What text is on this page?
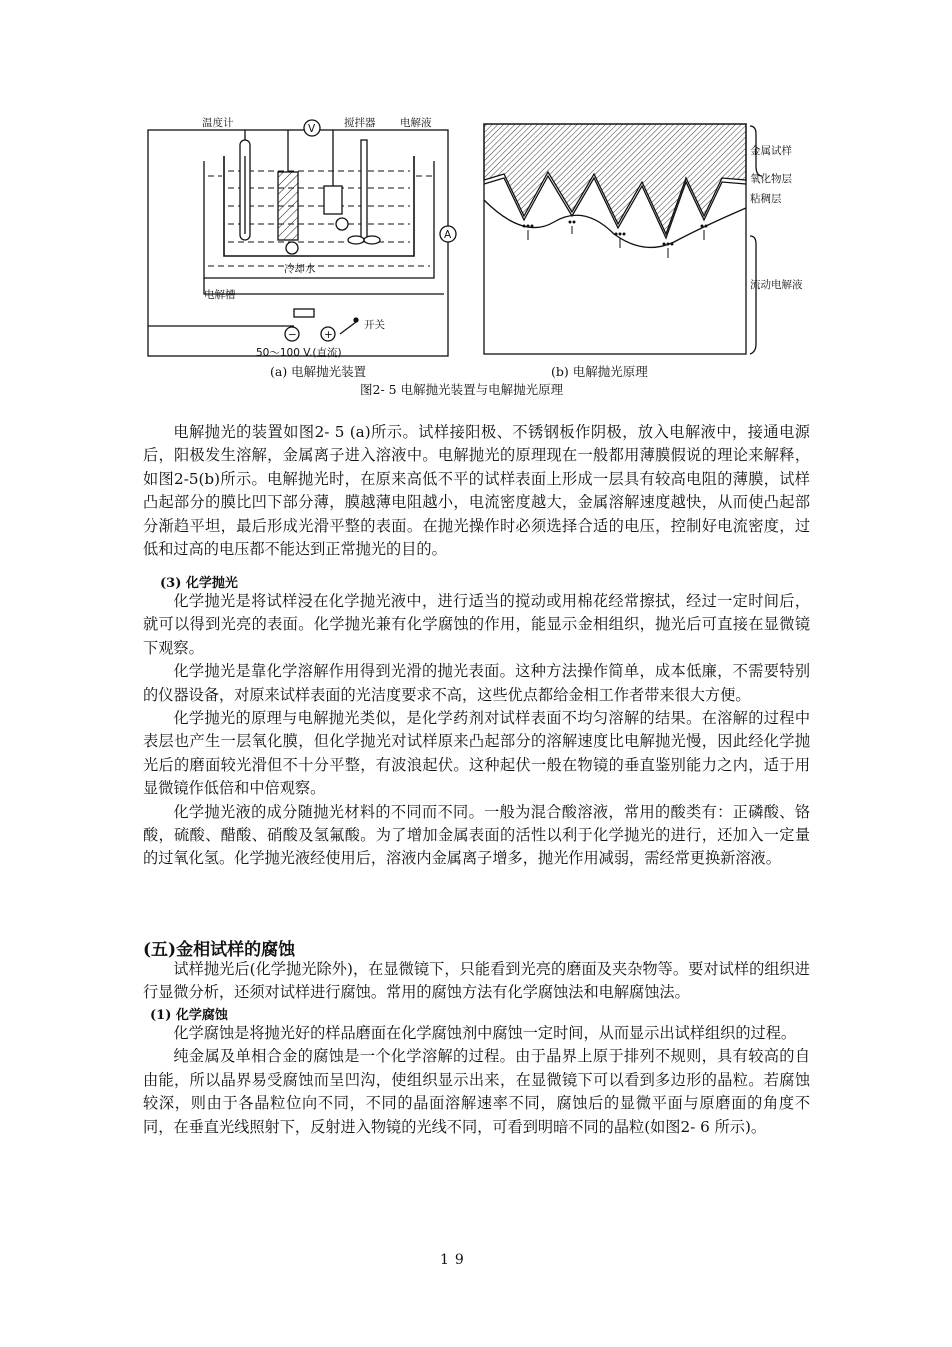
温度计	V	搅拌器 电解液
A
冷却水
电解槽
开关
50～100 V.(直流)
−	+
金属试样
氧化物层
粘稠层
流动电解液
(a) 电解抛光装置	(b) 电解抛光原理
图2- 5 电解抛光装置与电解抛光原理

电解抛光的装置如图2- 5 (a)所示。试样接阳极、不锈钢板作阴极，放入电解液中，接通电源后，阳极发生溶解，金属离子进入溶液中。电解抛光的原理现在一般都用薄膜假说的理论来解释，如图2-5(b)所示。电解抛光时，在原来高低不平的试样表面上形成一层具有较高电阻的薄膜，试样凸起部分的膜比凹下部分薄，膜越薄电阻越小，电流密度越大，金属溶解速度越快，从而使凸起部分渐趋平坦，最后形成光滑平整的表面。在抛光操作时必须选择合适的电压，控制好电流密度，过低和过高的电压都不能达到正常抛光的目的。

(3) 化学抛光

化学抛光是将试样浸在化学抛光液中，进行适当的搅动或用棉花经常擦拭，经过一定时间后，就可以得到光亮的表面。化学抛光兼有化学腐蚀的作用，能显示金相组织，抛光后可直接在显微镜下观察。

化学抛光是靠化学溶解作用得到光滑的抛光表面。这种方法操作简单，成本低廉，不需要特别的仪器设备，对原来试样表面的光洁度要求不高，这些优点都给金相工作者带来很大方便。

化学抛光的原理与电解抛光类似，是化学药剂对试样表面不均匀溶解的结果。在溶解的过程中表层也产生一层氧化膜，但化学抛光对试样原来凸起部分的溶解速度比电解抛光慢，因此经化学抛光后的磨面较光滑但不十分平整，有波浪起伏。这种起伏一般在物镜的垂直鉴别能力之内，适于用显微镜作低倍和中倍观察。

化学抛光液的成分随抛光材料的不同而不同。一般为混合酸溶液，常用的酸类有：正磷酸、铬酸，硫酸、醋酸、硝酸及氢氟酸。为了增加金属表面的活性以利于化学抛光的进行，还加入一定量的过氧化氢。化学抛光液经使用后，溶液内金属离子增多，抛光作用减弱，需经常更换新溶液。

(五)金相试样的腐蚀

试样抛光后(化学抛光除外)，在显微镜下，只能看到光亮的磨面及夹杂物等。要对试样的组织进行显微分析，还须对试样进行腐蚀。常用的腐蚀方法有化学腐蚀法和电解腐蚀法。

(1) 化学腐蚀

化学腐蚀是将抛光好的样品磨面在化学腐蚀剂中腐蚀一定时间，从而显示出试样组织的过程。

纯金属及单相合金的腐蚀是一个化学溶解的过程。由于晶界上原于排列不规则，具有较高的自由能，所以晶界易受腐蚀而呈凹沟，使组织显示出来，在显微镜下可以看到多边形的晶粒。若腐蚀较深，则由于各晶粒位向不同，不同的晶面溶解速率不同，腐蚀后的显微平面与原磨面的角度不同，在垂直光线照射下，反射进入物镜的光线不同，可看到明暗不同的晶粒(如图2- 6 所示)。

19
